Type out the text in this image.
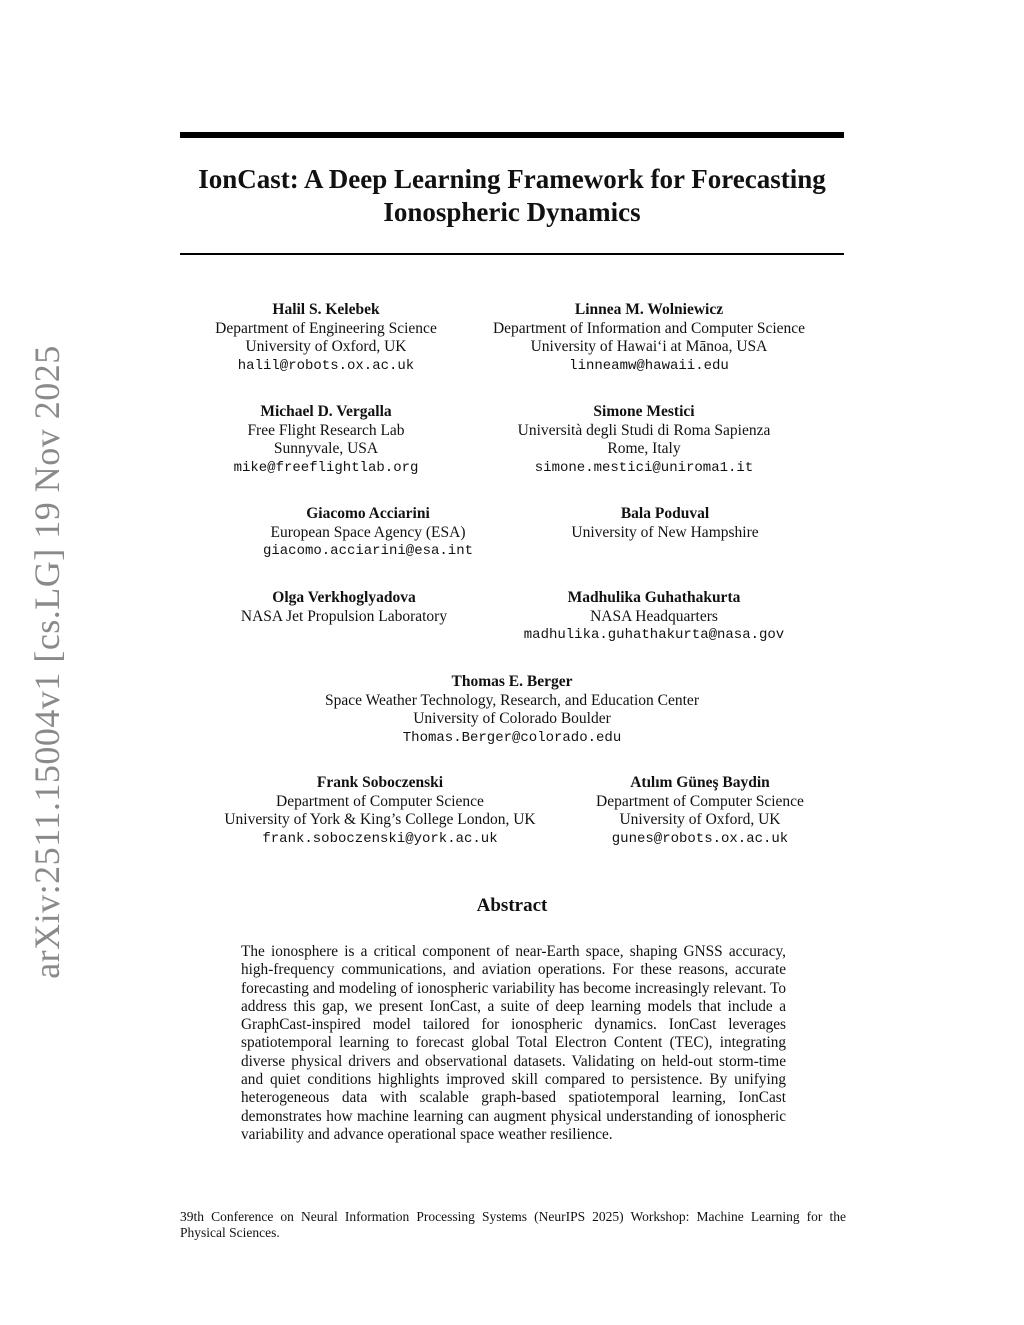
arXiv:2511.15004v1 [cs.LG] 19 Nov 2025
IonCast: A Deep Learning Framework for Forecasting
Ionospheric Dynamics
Halil S. Kelebek
Department of Engineering Science
University of Oxford, UK
halil@robots.ox.ac.uk
Linnea M. Wolniewicz
Department of Information and Computer Science
University of Hawaiʻi at Mānoa, USA
linneamw@hawaii.edu
Michael D. Vergalla
Free Flight Research Lab
Sunnyvale, USA
mike@freeflightlab.org
Simone Mestici
Università degli Studi di Roma Sapienza
Rome, Italy
simone.mestici@uniroma1.it
Giacomo Acciarini
European Space Agency (ESA)
giacomo.acciarini@esa.int
Bala Poduval
University of New Hampshire
Olga Verkhoglyadova
NASA Jet Propulsion Laboratory
Madhulika Guhathakurta
NASA Headquarters
madhulika.guhathakurta@nasa.gov
Thomas E. Berger
Space Weather Technology, Research, and Education Center
University of Colorado Boulder
Thomas.Berger@colorado.edu
Frank Soboczenski
Department of Computer Science
University of York & King’s College London, UK
frank.soboczenski@york.ac.uk
Atılım Güneş Baydin
Department of Computer Science
University of Oxford, UK
gunes@robots.ox.ac.uk
Abstract
The ionosphere is a critical component of near-Earth space, shaping GNSS accuracy, high-frequency communications, and aviation operations. For these reasons, accurate forecasting and modeling of ionospheric variability has become increasingly relevant. To address this gap, we present IonCast, a suite of deep learning models that include a GraphCast-inspired model tailored for ionospheric dynamics. IonCast leverages spatiotemporal learning to forecast global Total Electron Content (TEC), integrating diverse physical drivers and observational datasets. Validating on held-out storm-time and quiet conditions highlights improved skill compared to persistence. By unifying heterogeneous data with scalable graph-based spatiotemporal learning, IonCast demonstrates how machine learning can augment physical understanding of ionospheric variability and advance operational space weather resilience.
39th Conference on Neural Information Processing Systems (NeurIPS 2025) Workshop: Machine Learning for the Physical Sciences.
